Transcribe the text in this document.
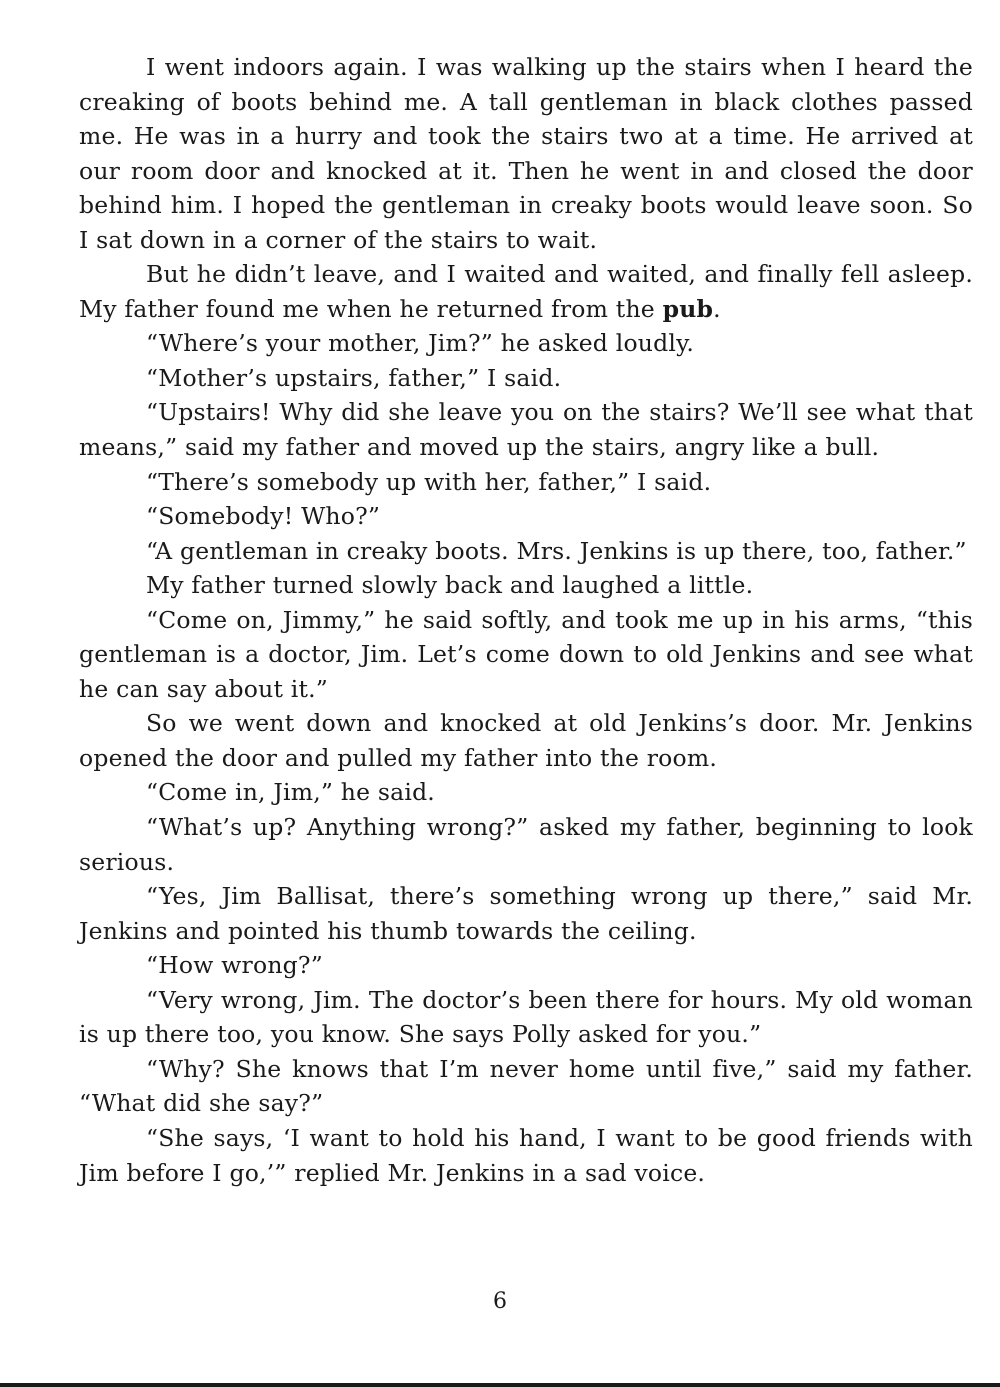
I went indoors again. I was walking up the stairs when I heard the creaking of boots behind me. A tall gentleman in black clothes passed me. He was in a hurry and took the stairs two at a time. He arrived at our room door and knocked at it. Then he went in and closed the door behind him. I hoped the gentleman in creaky boots would leave soon. So I sat down in a corner of the stairs to wait.

But he didn’t leave, and I waited and waited, and finally fell asleep. My father found me when he returned from the pub.

“Where’s your mother, Jim?” he asked loudly.

“Mother’s upstairs, father,” I said.

“Upstairs! Why did she leave you on the stairs? We’ll see what that means,” said my father and moved up the stairs, angry like a bull.

“There’s somebody up with her, father,” I said.

“Somebody! Who?”

“A gentleman in creaky boots. Mrs. Jenkins is up there, too, father.”

My father turned slowly back and laughed a little.

“Come on, Jimmy,” he said softly, and took me up in his arms, “this gentleman is a doctor, Jim. Let’s come down to old Jenkins and see what he can say about it.”

So we went down and knocked at old Jenkins’s door. Mr. Jenkins opened the door and pulled my father into the room.

“Come in, Jim,” he said.

“What’s up? Anything wrong?” asked my father, beginning to look serious.

“Yes, Jim Ballisat, there’s something wrong up there,” said Mr. Jenkins and pointed his thumb towards the ceiling.

“How wrong?”

“Very wrong, Jim. The doctor’s been there for hours. My old woman is up there too, you know. She says Polly asked for you.”

“Why? She knows that I’m never home until five,” said my father. “What did she say?”

“She says, ‘I want to hold his hand, I want to be good friends with Jim before I go,’” replied Mr. Jenkins in a sad voice.

6
